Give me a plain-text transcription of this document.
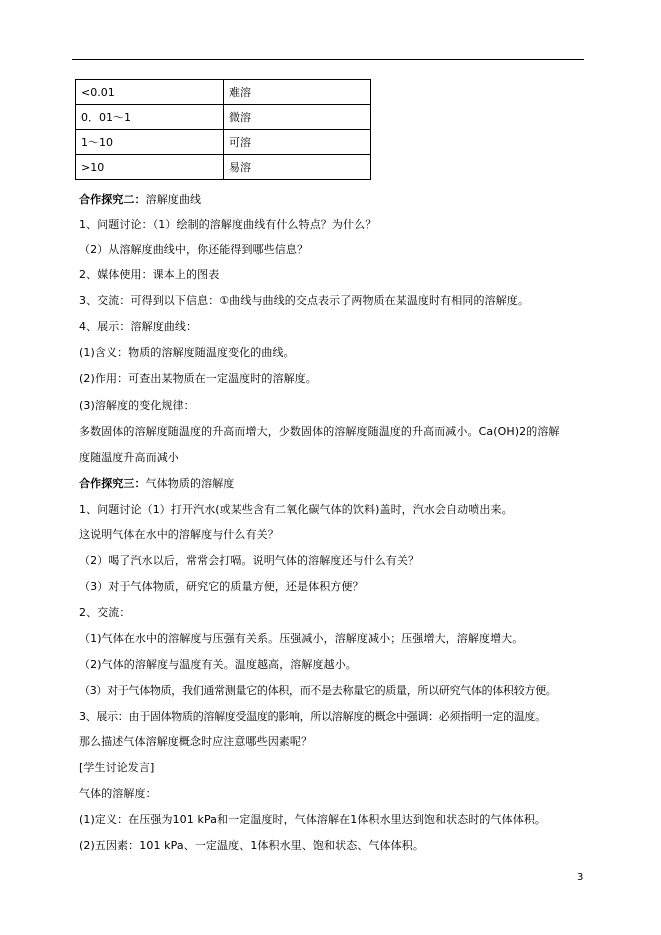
<0.01	难溶
0．01～1	微溶
1～10	可溶
>10	易溶
合作探究二：溶解度曲线
1、问题讨论：（1）绘制的溶解度曲线有什么特点？为什么？
（2）从溶解度曲线中，你还能得到哪些信息？
2、媒体使用：课本上的图表
3、交流：可得到以下信息：①曲线与曲线的交点表示了两物质在某温度时有相同的溶解度。
4、展示：溶解度曲线：
(1)含义：物质的溶解度随温度变化的曲线。
(2)作用：可查出某物质在一定温度时的溶解度。
(3)溶解度的变化规律：
多数固体的溶解度随温度的升高而增大，少数固体的溶解度随温度的升高而减小。Ca(OH)2的溶解
度随温度升高而减小
合作探究三：气体物质的溶解度
1、问题讨论（1）打开汽水(或某些含有二氧化碳气体的饮料)盖时，汽水会自动喷出来。
这说明气体在水中的溶解度与什么有关？
（2）喝了汽水以后，常常会打嗝。说明气体的溶解度还与什么有关？
（3）对于气体物质，研究它的质量方便，还是体积方便？
2、交流：
（1)气体在水中的溶解度与压强有关系。压强减小，溶解度减小；压强增大，溶解度增大。
（2)气体的溶解度与温度有关。温度越高，溶解度越小。
（3）对于气体物质，我们通常测量它的体积，而不是去称量它的质量，所以研究气体的体积较方便。
3、展示：由于固体物质的溶解度受温度的影响，所以溶解度的概念中强调：必须指明一定的温度。
那么描述气体溶解度概念时应注意哪些因素呢？
[学生讨论发言]
气体的溶解度：
(1)定义：在压强为101 kPa和一定温度时，气体溶解在1体积水里达到饱和状态时的气体体积。
(2)五因素：101 kPa、一定温度、1体积水里、饱和状态、气体体积。
3
